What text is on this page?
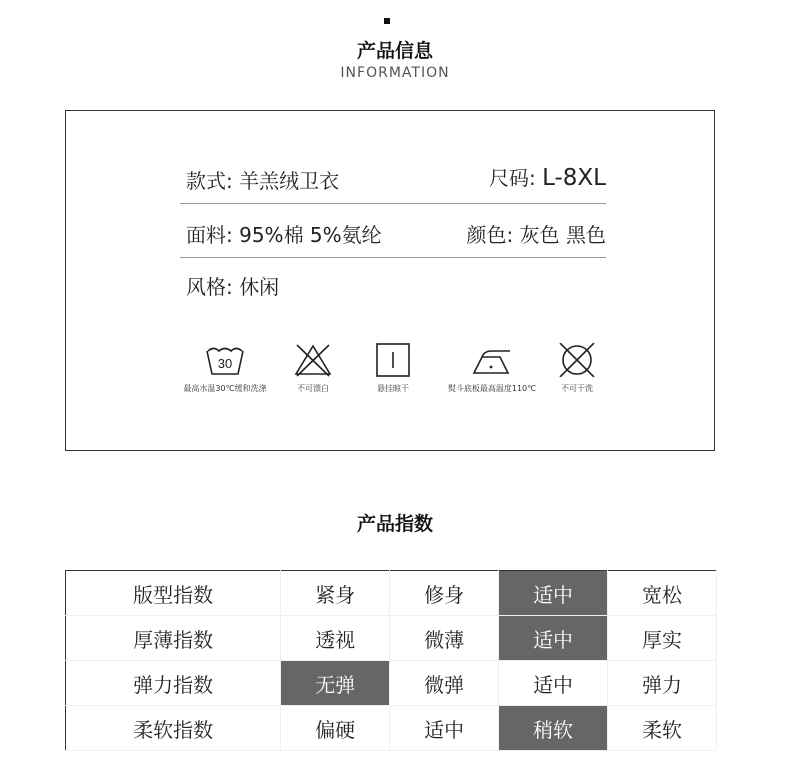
产品信息
INFORMATION
款式: 羊羔绒卫衣	尺码: L-8XL
面料: 95%棉 5%氨纶	颜色: 灰色 黑色
风格: 休闲
30
最高水温30℃缓和洗涤	不可漂白	悬挂晾干	熨斗底板最高温度110℃	不可干洗
产品指数
版型指数	紧身	修身	适中	宽松
厚薄指数	透视	微薄	适中	厚实
弹力指数	无弹	微弹	适中	弹力
柔软指数	偏硬	适中	稍软	柔软
